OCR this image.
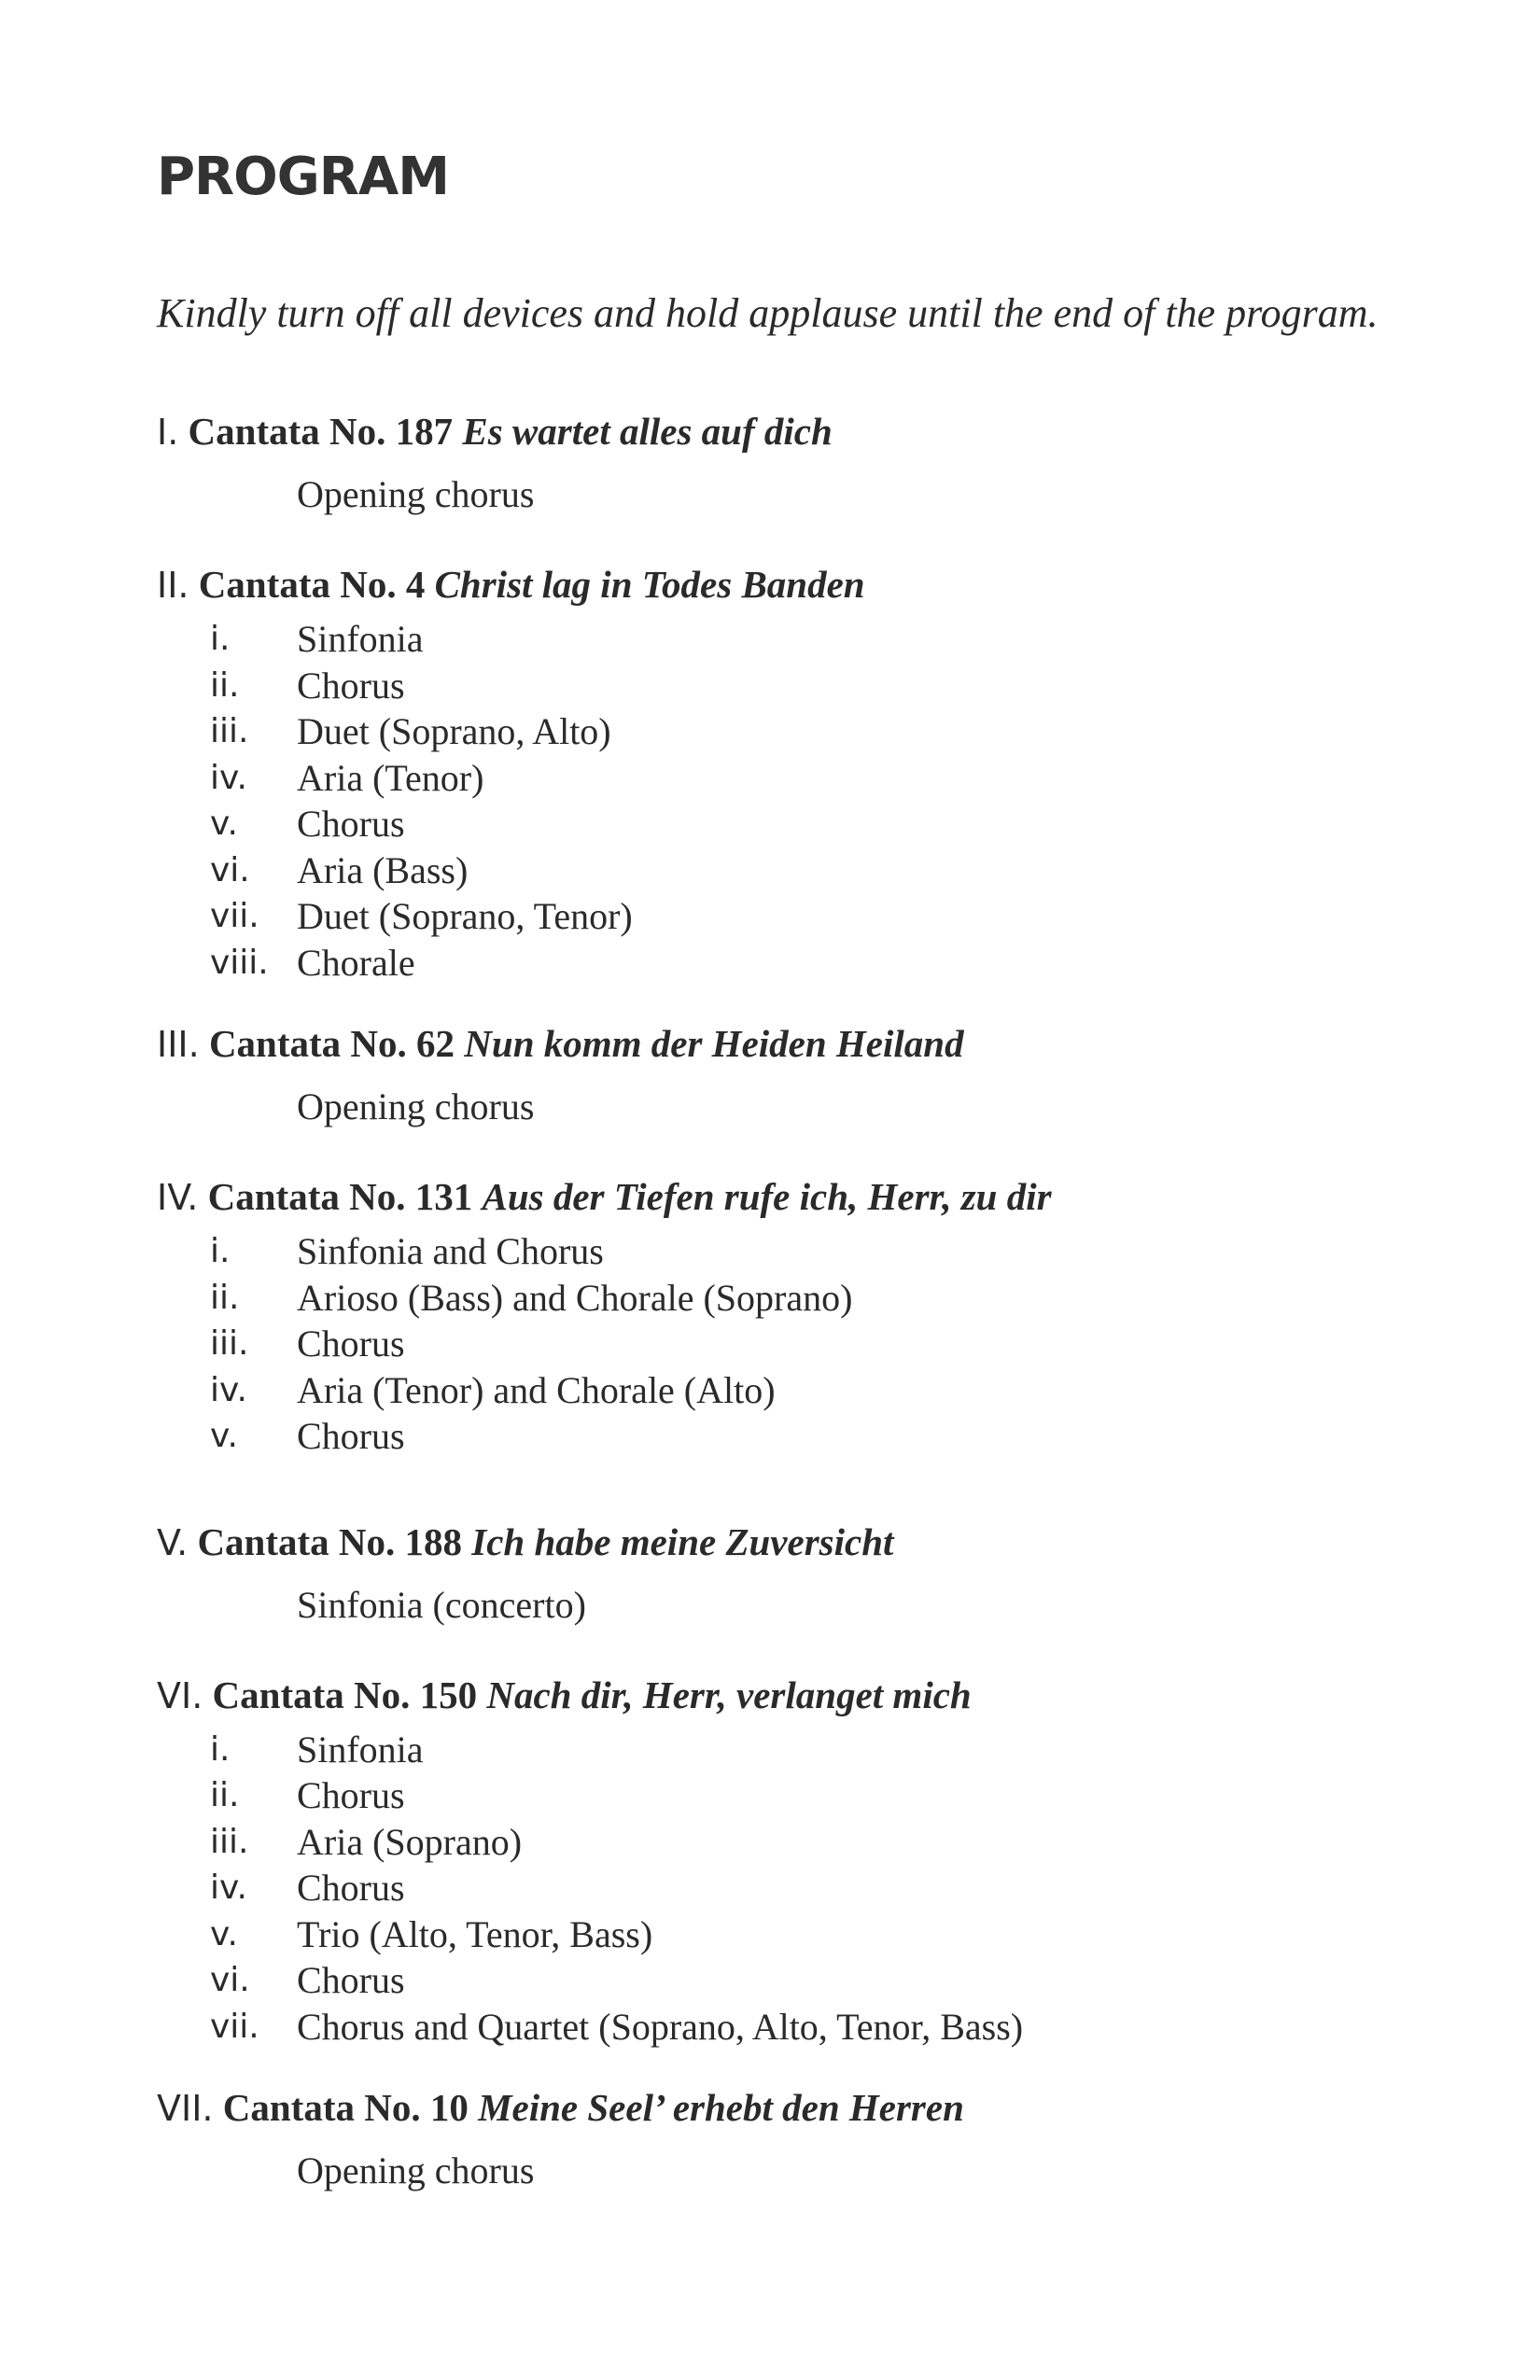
PROGRAM

Kindly turn off all devices and hold applause until the end of the program.

I. Cantata No. 187 Es wartet alles auf dich
Opening chorus
II. Cantata No. 4 Christ lag in Todes Banden
i. Sinfonia
ii. Chorus
iii. Duet (Soprano, Alto)
iv. Aria (Tenor)
v. Chorus
vi. Aria (Bass)
vii. Duet (Soprano, Tenor)
viii. Chorale
III. Cantata No. 62 Nun komm der Heiden Heiland
Opening chorus
IV. Cantata No. 131 Aus der Tiefen rufe ich, Herr, zu dir
i. Sinfonia and Chorus
ii. Arioso (Bass) and Chorale (Soprano)
iii. Chorus
iv. Aria (Tenor) and Chorale (Alto)
v. Chorus
V. Cantata No. 188 Ich habe meine Zuversicht
Sinfonia (concerto)
VI. Cantata No. 150 Nach dir, Herr, verlanget mich
i. Sinfonia
ii. Chorus
iii. Aria (Soprano)
iv. Chorus
v. Trio (Alto, Tenor, Bass)
vi. Chorus
vii. Chorus and Quartet (Soprano, Alto, Tenor, Bass)
VII. Cantata No. 10 Meine Seel’ erhebt den Herren
Opening chorus
